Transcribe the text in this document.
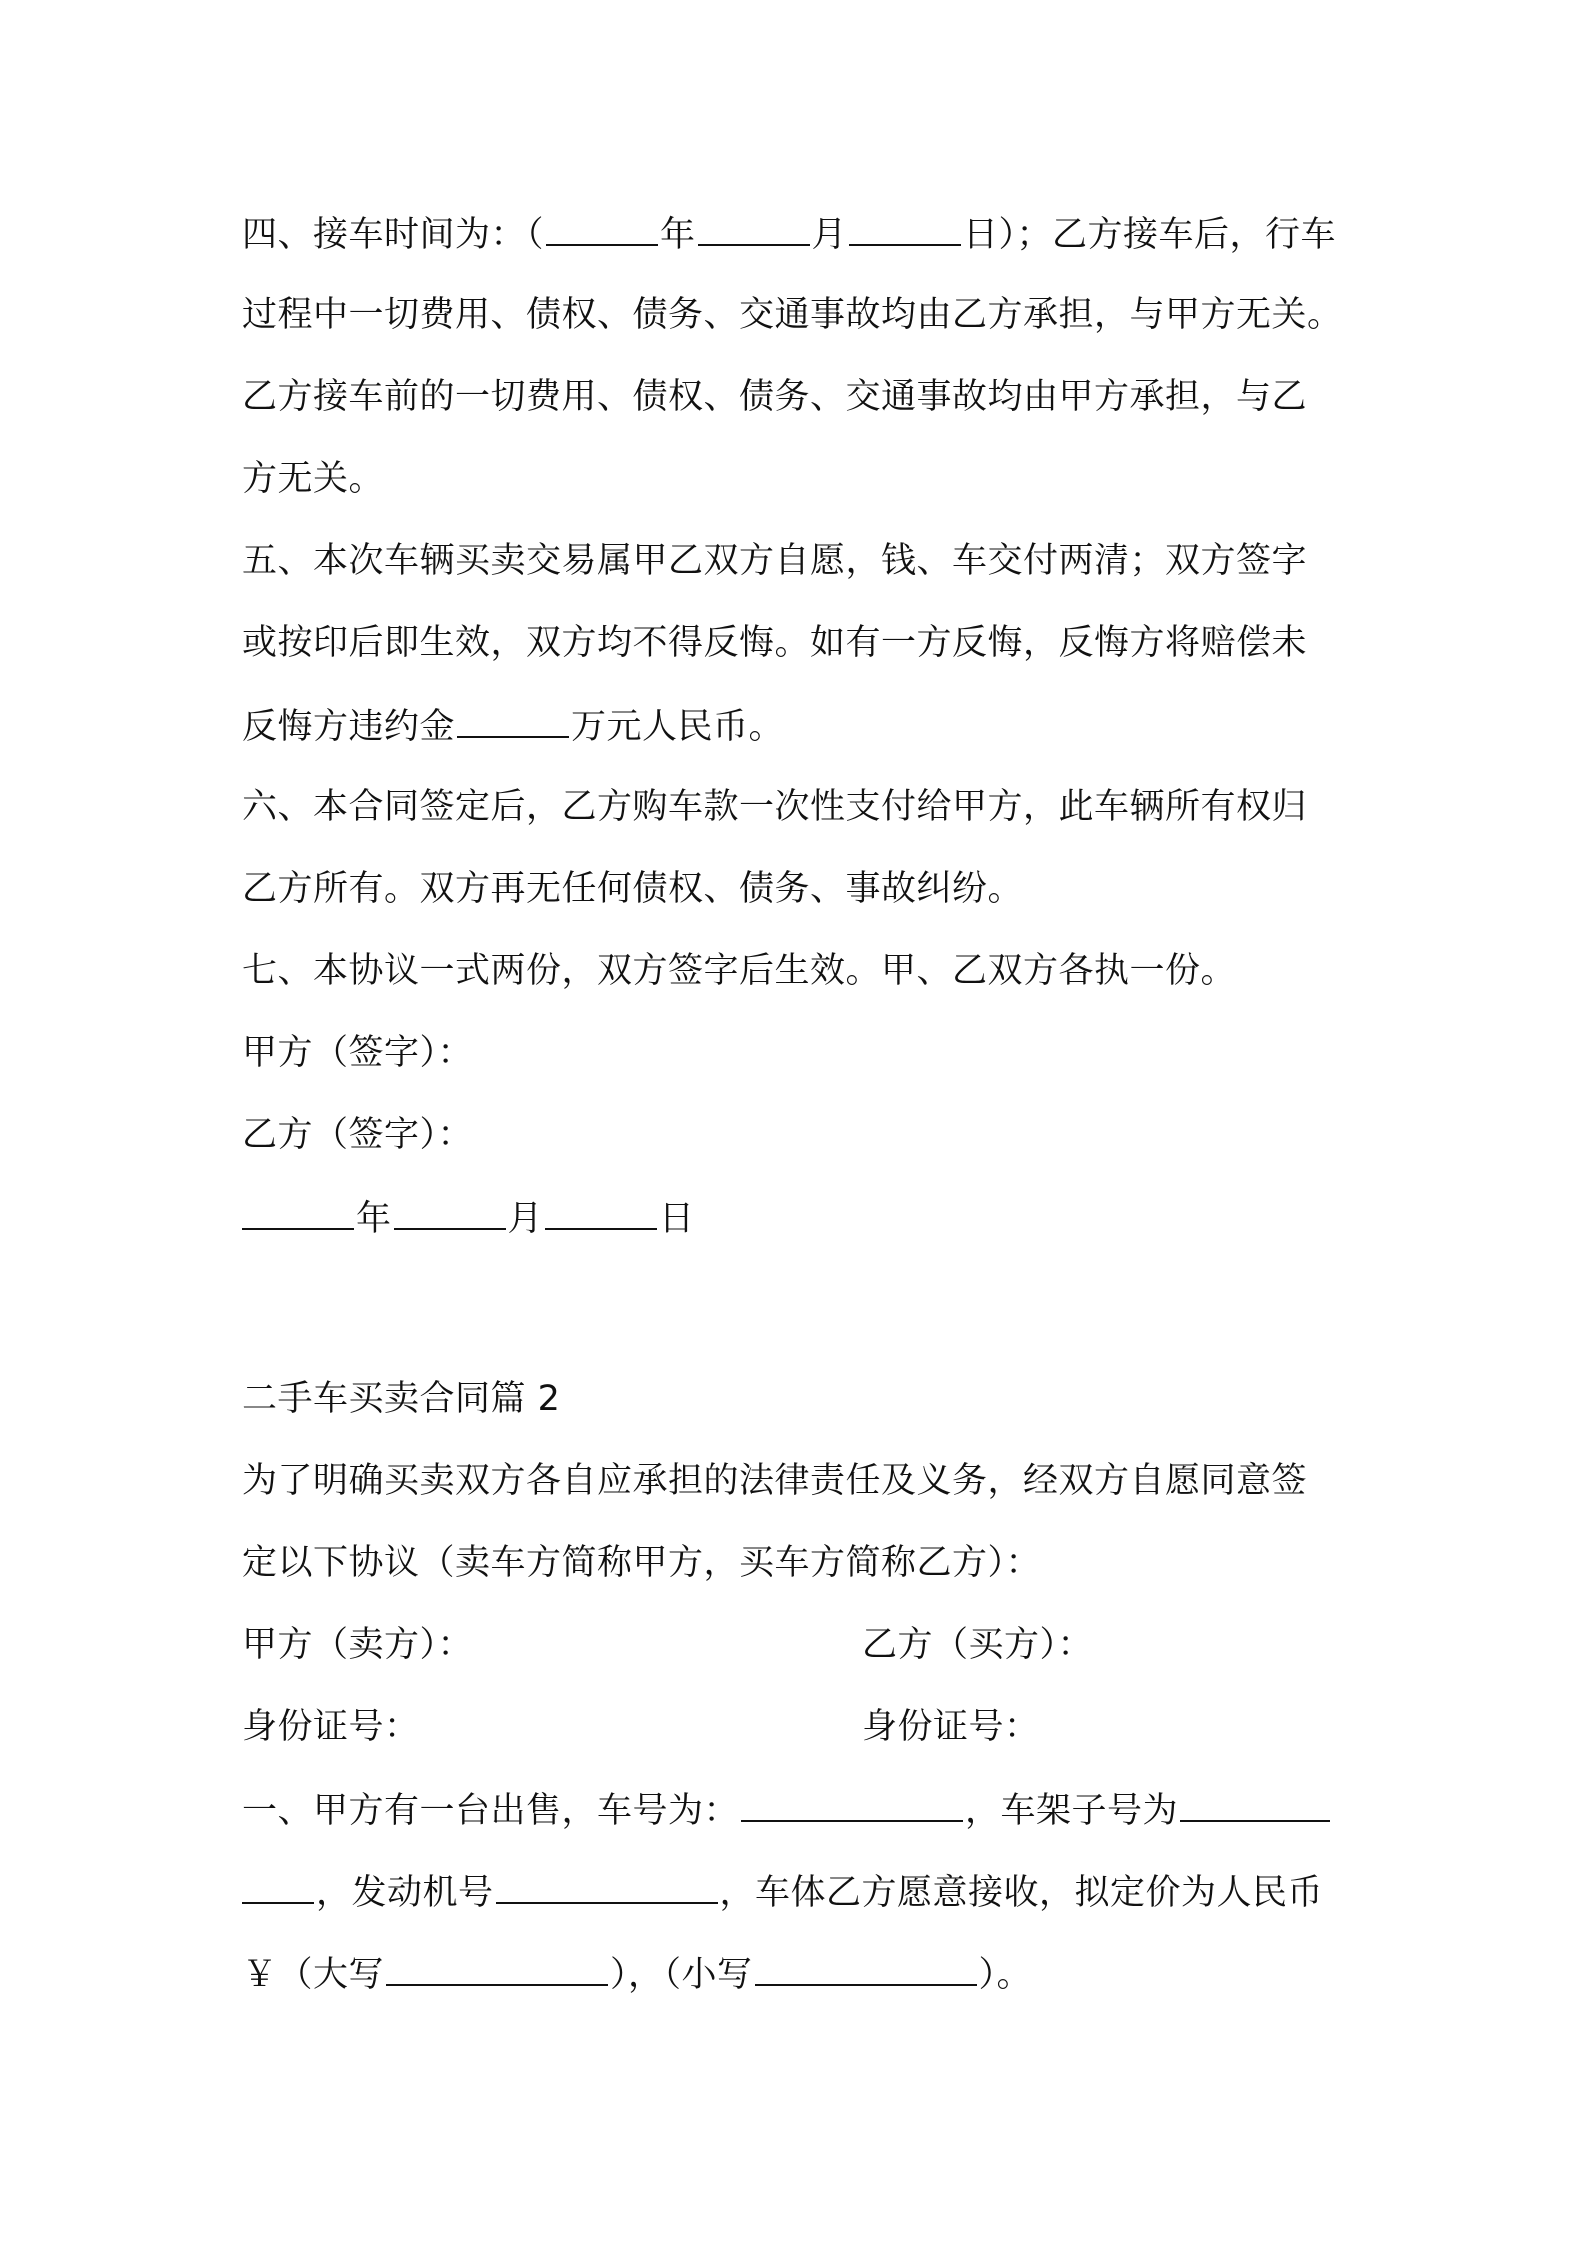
四、接车时间为：（	年	月	日）；乙方接车后，行车
过程中一切费用、债权、债务、交通事故均由乙方承担，与甲方无关。
乙方接车前的一切费用、债权、债务、交通事故均由甲方承担，与乙
方无关。
五、本次车辆买卖交易属甲乙双方自愿，钱、车交付两清；双方签字
或按印后即生效，双方均不得反悔。如有一方反悔，反悔方将赔偿未
反悔方违约金	万元人民币。
六、本合同签定后，乙方购车款一次性支付给甲方，此车辆所有权归
乙方所有。双方再无任何债权、债务、事故纠纷。
七、本协议一式两份，双方签字后生效。甲、乙双方各执一份。
甲方（签字）：
乙方（签字）：
年	月	日
二手车买卖合同篇 2
为了明确买卖双方各自应承担的法律责任及义务，经双方自愿同意签
定以下协议（卖车方简称甲方，买车方简称乙方）：
甲方（卖方）：	乙方（买方）：
身份证号：	身份证号：
一、甲方有一台出售，车号为：	，车架子号为
，发动机号	，车体乙方愿意接收，拟定价为人民币
￥（大写	），（小写	）。
